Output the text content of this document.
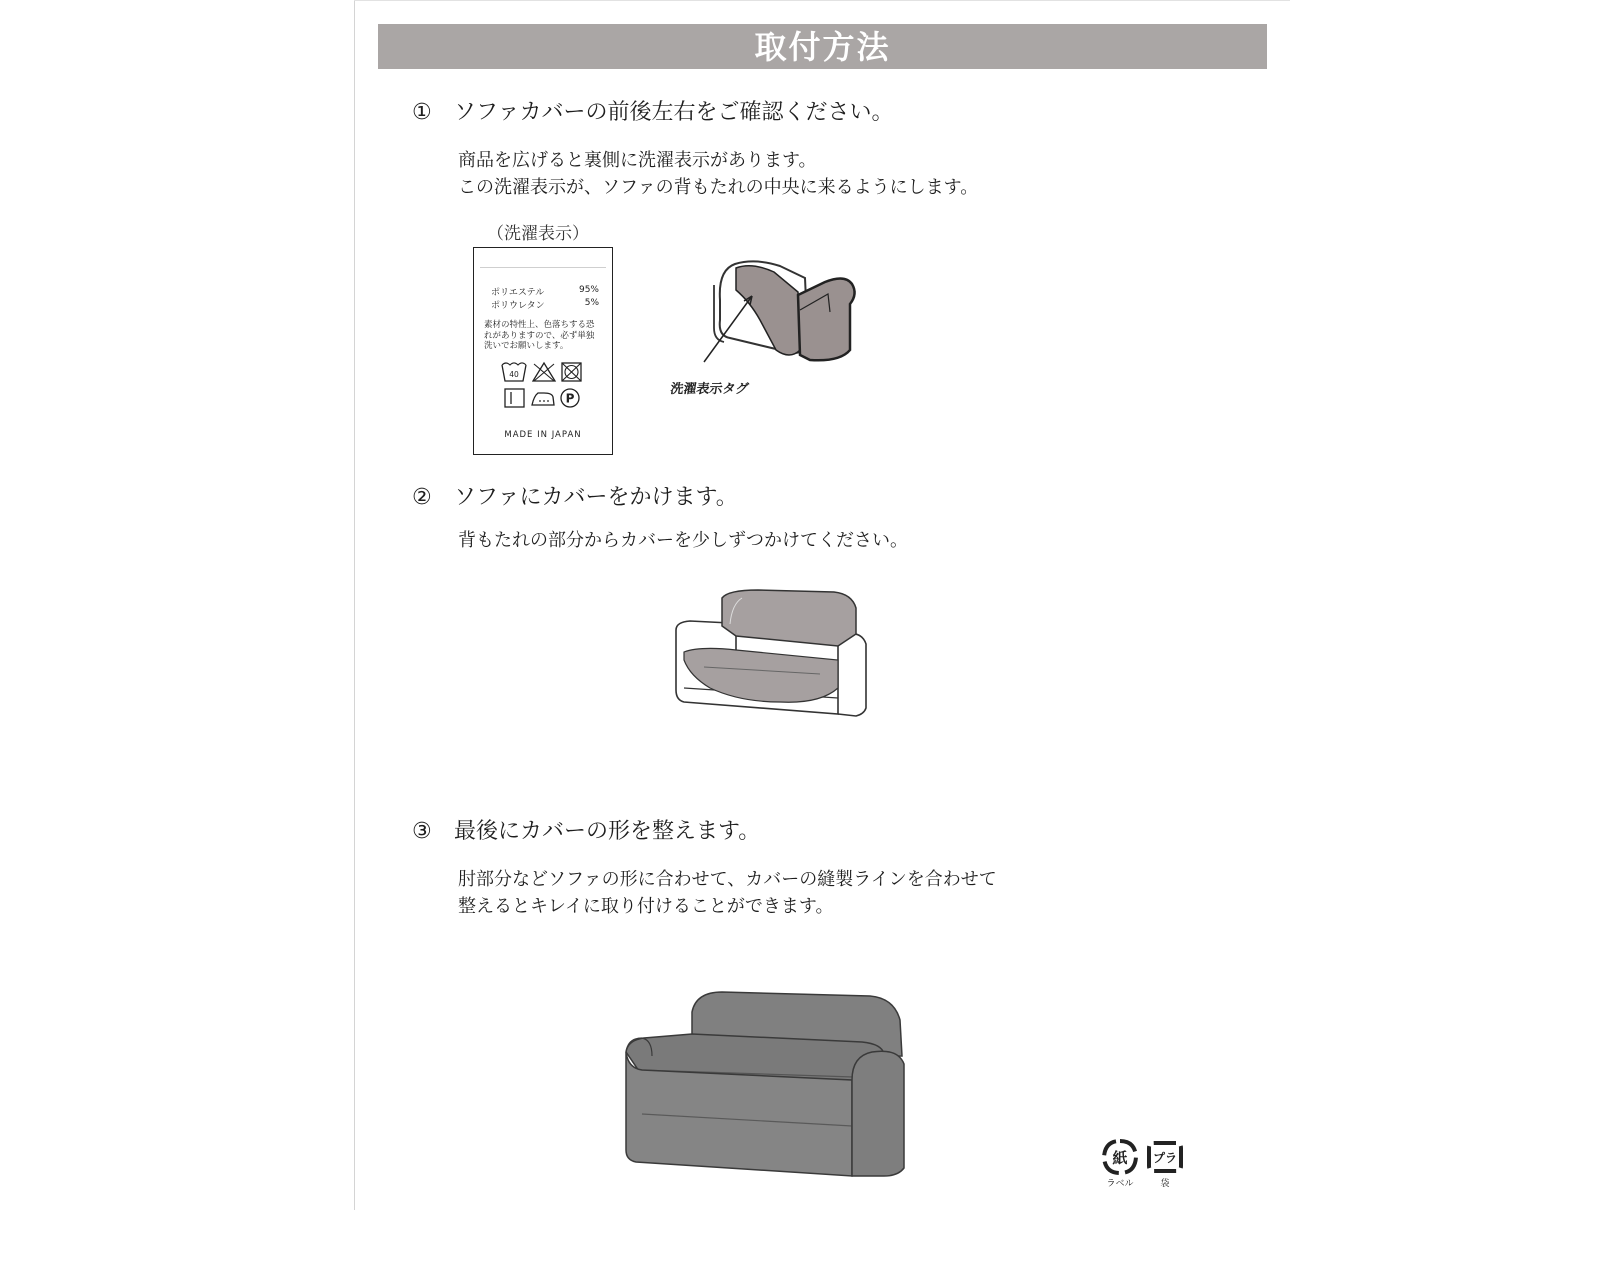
取付方法
① ソファカバーの前後左右をご確認ください。
商品を広げると裏側に洗濯表示があります。
この洗濯表示が、ソファの背もたれの中央に来るようにします。
（洗濯表示）
ポリエステル	95%
ポリウレタン	5%
素材の特性上、色落ちする恐れがありますので、必ず単独洗いでお願いします。
40
P
MADE IN JAPAN
洗濯表示タグ
② ソファにカバーをかけます。
背もたれの部分からカバーを少しずつかけてください。
③ 最後にカバーの形を整えます。
肘部分などソファの形に合わせて、カバーの縫製ラインを合わせて
整えるとキレイに取り付けることができます。
紙
ラベル
プラ
袋
